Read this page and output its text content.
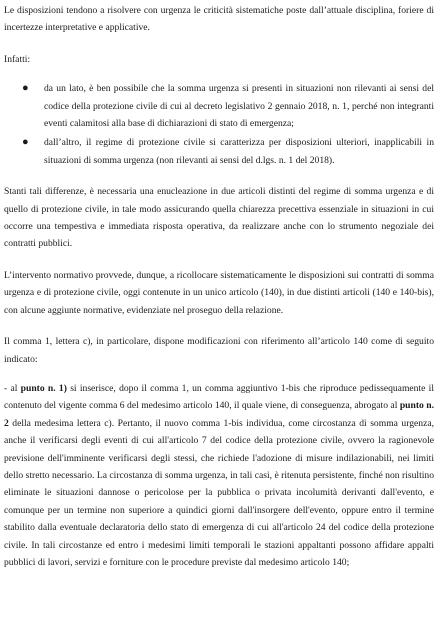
Le disposizioni tendono a risolvere con urgenza le criticità sistematiche poste dall’attuale disciplina, foriere di incertezze interpretative e applicative.

Infatti:

● da un lato, è ben possibile che la somma urgenza si presenti in situazioni non rilevanti ai sensi del codice della protezione civile di cui al decreto legislativo 2 gennaio 2018, n. 1, perché non integranti eventi calamitosi alla base di dichiarazioni di stato di emergenza;
● dall’altro, il regime di protezione civile si caratterizza per disposizioni ulteriori, inapplicabili in situazioni di somma urgenza (non rilevanti ai sensi del d.lgs. n. 1 del 2018).

Stanti tali differenze, è necessaria una enucleazione in due articoli distinti del regime di somma urgenza e di quello di protezione civile, in tale modo assicurando quella chiarezza precettiva essenziale in situazioni in cui occorre una tempestiva e immediata risposta operativa, da realizzare anche con lo strumento negoziale dei contratti pubblici.

L’intervento normativo provvede, dunque, a ricollocare sistematicamente le disposizioni sui contratti di somma urgenza e di protezione civile, oggi contenute in un unico articolo (140), in due distinti articoli (140 e 140-bis), con alcune aggiunte normative, evidenziate nel proseguo della relazione.

Il comma 1, lettera c), in particolare, dispone modificazioni con riferimento all’articolo 140 come di seguito indicato:

- al punto n. 1) si inserisce, dopo il comma 1, un comma aggiuntivo 1-bis che riproduce pedissequamente il contenuto del vigente comma 6 del medesimo articolo 140, il quale viene, di conseguenza, abrogato al punto n. 2 della medesima lettera c). Pertanto, il nuovo comma 1-bis individua, come circostanza di somma urgenza, anche il verificarsi degli eventi di cui all'articolo 7 del codice della protezione civile, ovvero la ragionevole previsione dell'imminente verificarsi degli stessi, che richiede l'adozione di misure indilazionabili, nei limiti dello stretto necessario. La circostanza di somma urgenza, in tali casi, è ritenuta persistente, finché non risultino eliminate le situazioni dannose o pericolose per la pubblica o privata incolumità derivanti dall'evento, e comunque per un termine non superiore a quindici giorni dall'insorgere dell'evento, oppure entro il termine stabilito dalla eventuale declaratoria dello stato di emergenza di cui all'articolo 24 del codice della protezione civile. In tali circostanze ed entro i medesimi limiti temporali le stazioni appaltanti possono affidare appalti pubblici di lavori, servizi e forniture con le procedure previste dal medesimo articolo 140;
